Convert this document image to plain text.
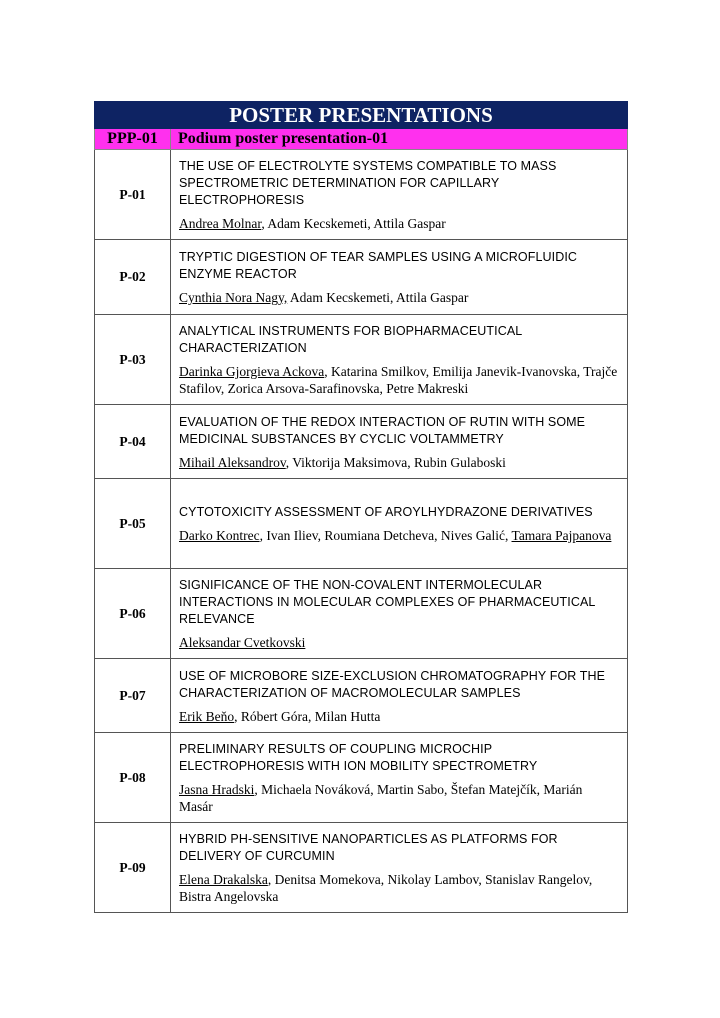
POSTER PRESENTATIONS	
PPP-01	Podium poster presentation-01
P-01	THE USE OF ELECTROLYTE SYSTEMS COMPATIBLE TO MASS SPECTROMETRIC DETERMINATION FOR CAPILLARY ELECTROPHORESIS
Andrea Molnar, Adam Kecskemeti, Attila Gaspar

P-02	TRYPTIC DIGESTION OF TEAR SAMPLES USING A MICROFLUIDIC ENZYME REACTOR
Cynthia Nora Nagy, Adam Kecskemeti, Attila Gaspar

P-03	ANALYTICAL INSTRUMENTS FOR BIOPHARMACEUTICAL CHARACTERIZATION
Darinka Gjorgieva Ackova, Katarina Smilkov, Emilija Janevik-Ivanovska, Trajče Stafilov, Zorica Arsova-Sarafinovska, Petre Makreski

P-04	EVALUATION OF THE REDOX INTERACTION OF RUTIN WITH SOME MEDICINAL SUBSTANCES BY CYCLIC VOLTAMMETRY
Mihail Aleksandrov, Viktorija Maksimova, Rubin Gulaboski

P-05	CYTOTOXICITY ASSESSMENT OF AROYLHYDRAZONE DERIVATIVES
Darko Kontrec, Ivan Iliev, Roumiana Detcheva, Nives Galić, Tamara Pajpanova

P-06	SIGNIFICANCE OF THE NON-COVALENT INTERMOLECULAR INTERACTIONS IN MOLECULAR COMPLEXES OF PHARMACEUTICAL RELEVANCE
Aleksandar Cvetkovski

P-07	USE OF MICROBORE SIZE-EXCLUSION CHROMATOGRAPHY FOR THE CHARACTERIZATION OF MACROMOLECULAR SAMPLES
Erik Beňo, Róbert Góra, Milan Hutta

P-08	PRELIMINARY RESULTS OF COUPLING MICROCHIP ELECTROPHORESIS WITH ION MOBILITY SPECTROMETRY
Jasna Hradski, Michaela Nováková, Martin Sabo, Štefan Matejčík, Marián Masár

P-09	HYBRID PH-SENSITIVE NANOPARTICLES AS PLATFORMS FOR DELIVERY OF CURCUMIN
Elena Drakalska, Denitsa Momekova, Nikolay Lambov, Stanislav Rangelov, Bistra Angelovska
